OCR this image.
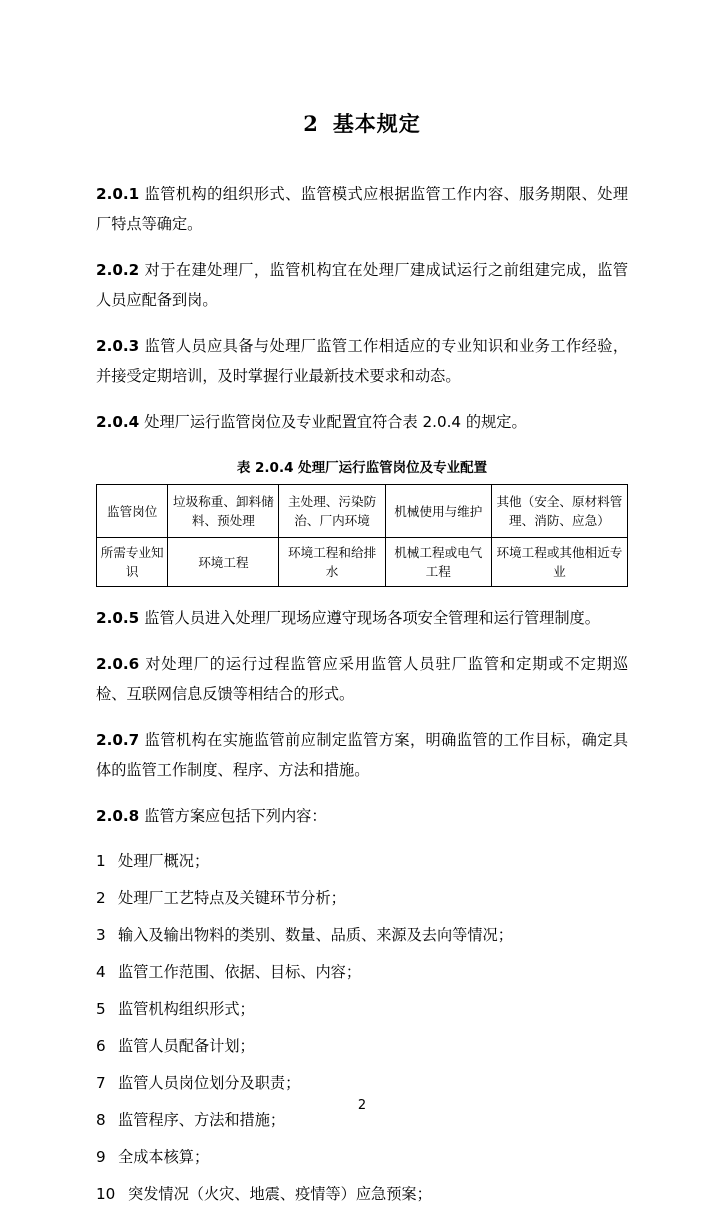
2 基本规定

2.0.1 监管机构的组织形式、监管模式应根据监管工作内容、服务期限、处理厂特点等确定。

2.0.2 对于在建处理厂，监管机构宜在处理厂建成试运行之前组建完成，监管人员应配备到岗。

2.0.3 监管人员应具备与处理厂监管工作相适应的专业知识和业务工作经验，并接受定期培训，及时掌握行业最新技术要求和动态。

2.0.4 处理厂运行监管岗位及专业配置宜符合表 2.0.4 的规定。

表 2.0.4 处理厂运行监管岗位及专业配置
监管岗位	垃圾称重、卸料储料、预处理	主处理、污染防治、厂内环境	机械使用与维护	其他（安全、原材料管理、消防、应急）
所需专业知识	环境工程	环境工程和给排水	机械工程或电气工程	环境工程或其他相近专业

2.0.5 监管人员进入处理厂现场应遵守现场各项安全管理和运行管理制度。

2.0.6 对处理厂的运行过程监管应采用监管人员驻厂监管和定期或不定期巡检、互联网信息反馈等相结合的形式。

2.0.7 监管机构在实施监管前应制定监管方案，明确监管的工作目标，确定具体的监管工作制度、程序、方法和措施。

2.0.8 监管方案应包括下列内容：

1 处理厂概况；
2 处理厂工艺特点及关键环节分析；
3 输入及输出物料的类别、数量、品质、来源及去向等情况；
4 监管工作范围、依据、目标、内容；
5 监管机构组织形式；
6 监管人员配备计划；
7 监管人员岗位划分及职责；
8 监管程序、方法和措施；
9 全成本核算；
10 突发情况（火灾、地震、疫情等）应急预案；
2
